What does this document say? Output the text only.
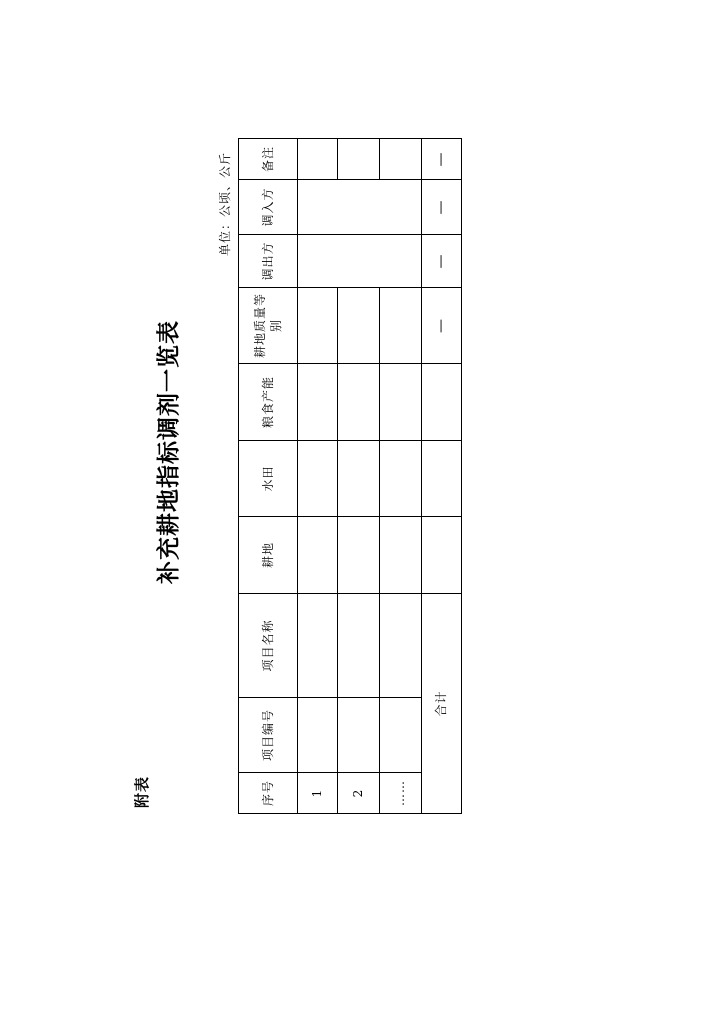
附表
补充耕地指标调剂一览表
单位：公顷、公斤
序号	项目编号	项目名称	耕地	水田	粮食产能	耕地质量等别	调出方	调入方	备注
1									
2									
……									
合计						—	—	—	—
